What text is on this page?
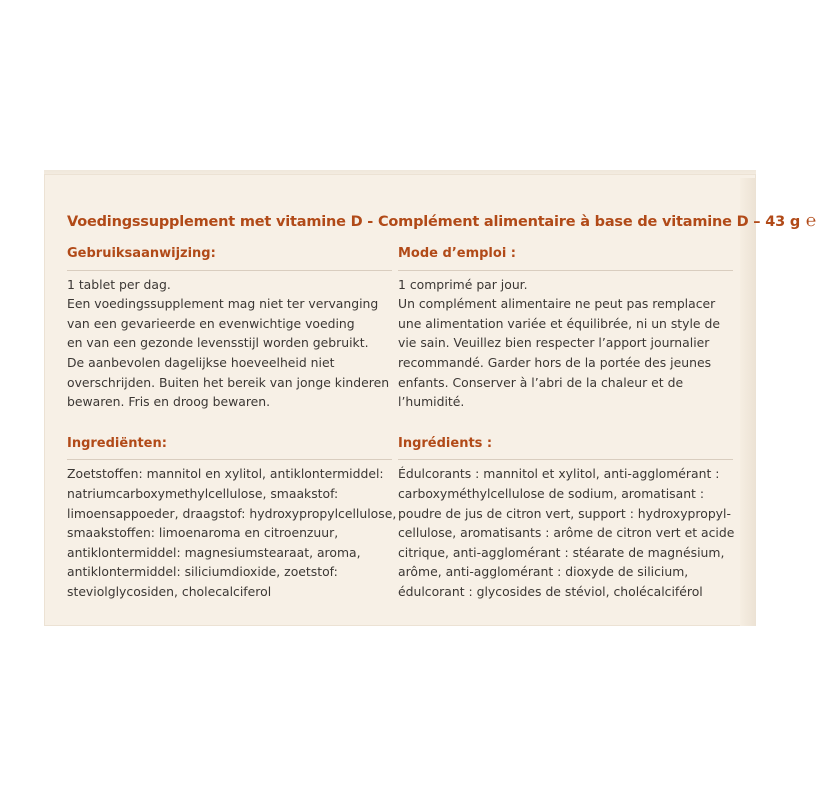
Voedingssupplement met vitamine D - Complément alimentaire à base de vitamine D – 43 g ℮
Gebruiksaanwijzing:
1 tablet per dag.
Een voedingssupplement mag niet ter vervanging
van een gevarieerde en evenwichtige voeding
en van een gezonde levensstijl worden gebruikt.
De aanbevolen dagelijkse hoeveelheid niet
overschrijden. Buiten het bereik van jonge kinderen
bewaren. Fris en droog bewaren.
Ingrediënten:
Zoetstoffen: mannitol en xylitol, antiklontermiddel:
natriumcarboxymethylcellulose, smaakstof:
limoensappoeder, draagstof: hydroxypropylcellulose,
smaakstoffen: limoenaroma en citroenzuur,
antiklontermiddel: magnesiumstearaat, aroma,
antiklontermiddel: siliciumdioxide, zoetstof:
steviolglycosiden, cholecalciferol
Mode d’emploi :
1 comprimé par jour.
Un complément alimentaire ne peut pas remplacer
une alimentation variée et équilibrée, ni un style de
vie sain. Veuillez bien respecter l’apport journalier
recommandé. Garder hors de la portée des jeunes
enfants. Conserver à l’abri de la chaleur et de
l’humidité.
Ingrédients :
Édulcorants : mannitol et xylitol, anti-agglomérant :
carboxyméthylcellulose de sodium, aromatisant :
poudre de jus de citron vert, support : hydroxypropyl-
cellulose, aromatisants : arôme de citron vert et acide
citrique, anti-agglomérant : stéarate de magnésium,
arôme, anti-agglomérant : dioxyde de silicium,
édulcorant : glycosides de stéviol, cholécalciférol
